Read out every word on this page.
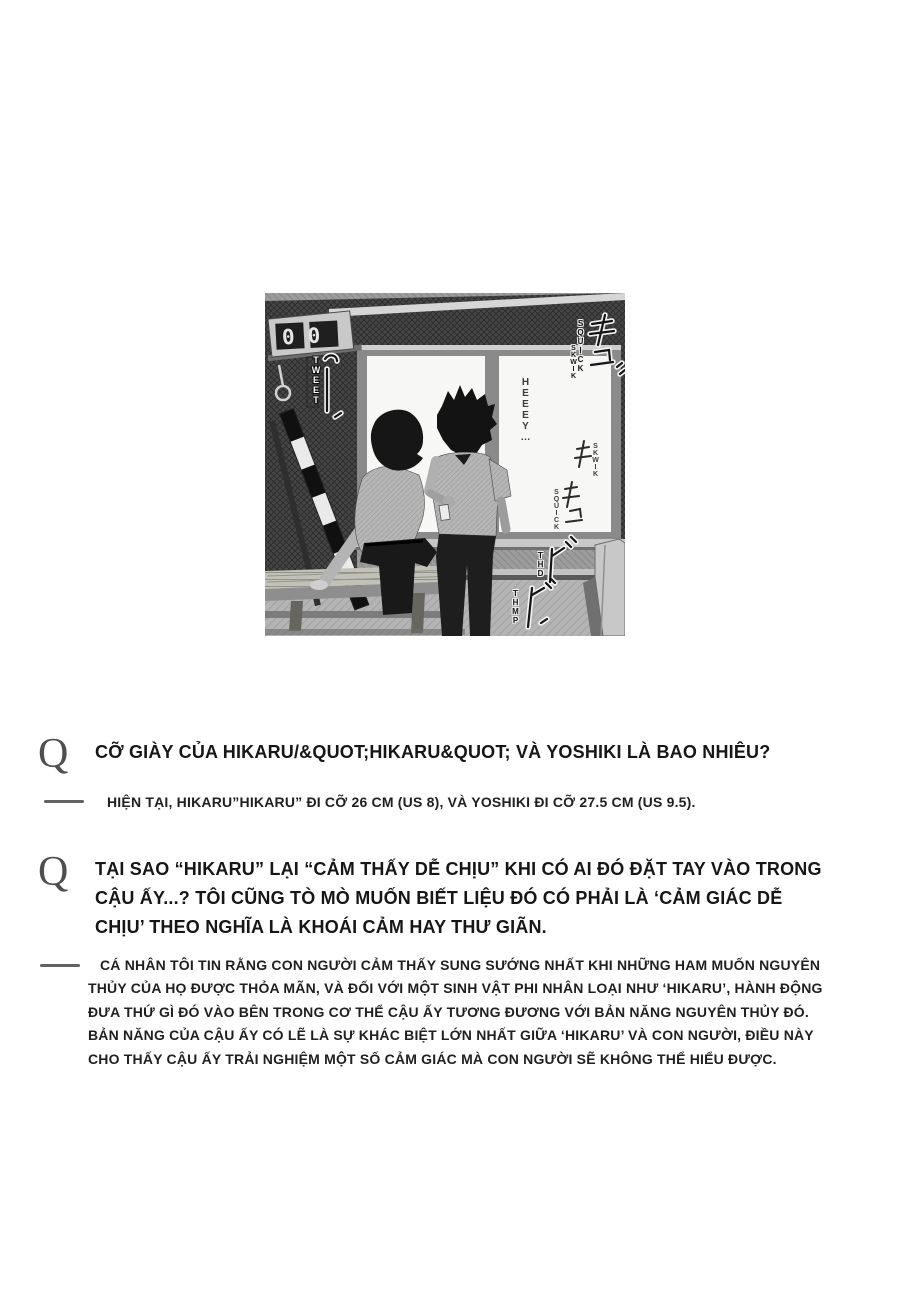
00
TWEET
SQUICK
SKWIK
HEEEY…
SKWIK
SQUICK
THD
THMP
Q CỠ GIÀY CỦA HIKARU/&QUOT;HIKARU&QUOT; VÀ YOSHIKI LÀ BAO NHIÊU?
HIỆN TẠI, HIKARU”HIKARU” ĐI CỠ 26 CM (US 8), VÀ YOSHIKI ĐI CỠ 27.5 CM (US 9.5).
Q TẠI SAO “HIKARU” LẠI “CẢM THẤY DỄ CHỊU” KHI CÓ AI ĐÓ ĐẶT TAY VÀO TRONG
CẬU ẤY...? TÔI CŨNG TÒ MÒ MUỐN BIẾT LIỆU ĐÓ CÓ PHẢI LÀ ‘CẢM GIÁC DỄ
CHỊU’ THEO NGHĨA LÀ KHOÁI CẢM HAY THƯ GIÃN.
CÁ NHÂN TÔI TIN RẰNG CON NGƯỜI CẢM THẤY SUNG SƯỚNG NHẤT KHI NHỮNG HAM MUỐN NGUYÊN
THỦY CỦA HỌ ĐƯỢC THỎA MÃN, VÀ ĐỐI VỚI MỘT SINH VẬT PHI NHÂN LOẠI NHƯ ‘HIKARU’, HÀNH ĐỘNG
ĐƯA THỨ GÌ ĐÓ VÀO BÊN TRONG CƠ THỂ CẬU ẤY TƯƠNG ĐƯƠNG VỚI BẢN NĂNG NGUYÊN THỦY ĐÓ.
BẢN NĂNG CỦA CẬU ẤY CÓ LẼ LÀ SỰ KHÁC BIỆT LỚN NHẤT GIỮA ‘HIKARU’ VÀ CON NGƯỜI, ĐIỀU NÀY
CHO THẤY CẬU ẤY TRẢI NGHIỆM MỘT SỐ CẢM GIÁC MÀ CON NGƯỜI SẼ KHÔNG THỂ HIỂU ĐƯỢC.
